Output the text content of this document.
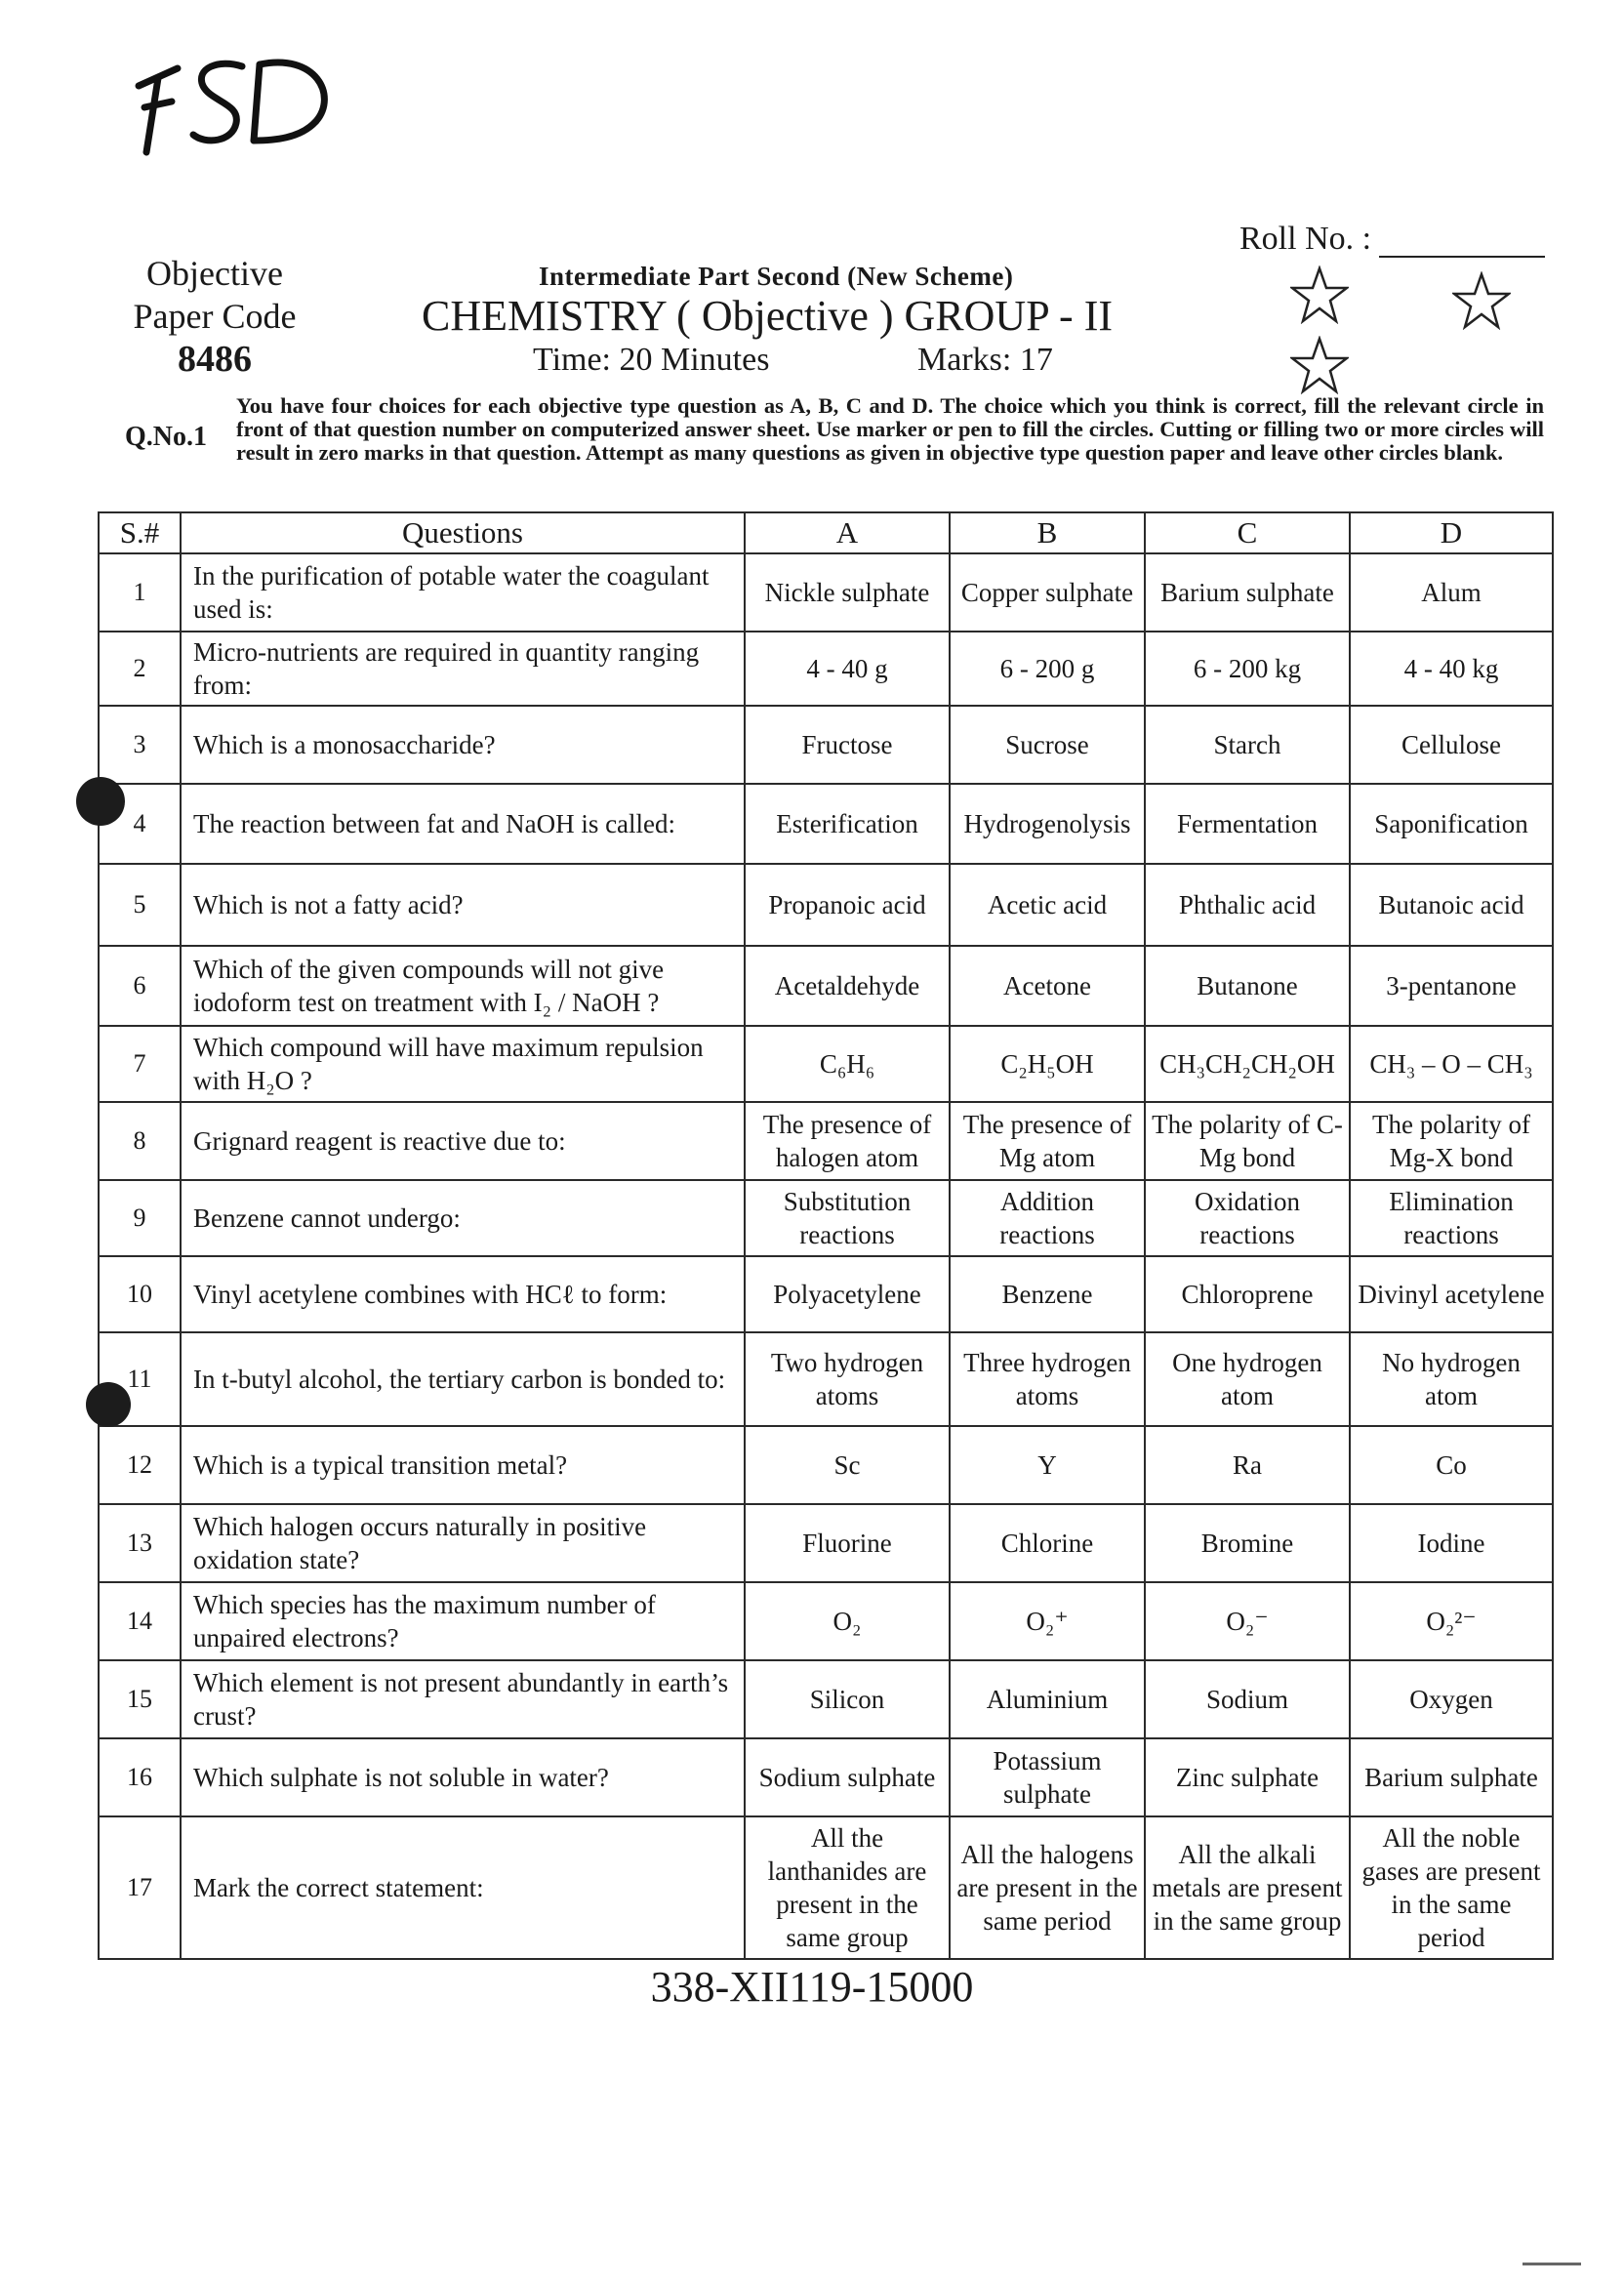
Roll No. :
Objective
Paper Code
8486
Intermediate Part Second (New Scheme)
CHEMISTRY ( Objective ) GROUP - II
Time: 20 Minutes	Marks: 17
Q.No.1
You have four choices for each objective type question as A, B, C and D. The choice which you think is correct, fill the relevant circle in front of that question number on computerized answer sheet. Use marker or pen to fill the circles. Cutting or filling two or more circles will result in zero marks in that question. Attempt as many questions as given in objective type question paper and leave other circles blank.
S.#	Questions	A	B	C	D
1	In the purification of potable water the coagulant used is:	Nickle sulphate	Copper sulphate	Barium sulphate	Alum
2	Micro-nutrients are required in quantity ranging from:	4 - 40 g	6 - 200 g	6 - 200 kg	4 - 40 kg
3	Which is a monosaccharide?	Fructose	Sucrose	Starch	Cellulose
4	The reaction between fat and NaOH is called:	Esterification	Hydrogenolysis	Fermentation	Saponification
5	Which is not a fatty acid?	Propanoic acid	Acetic acid	Phthalic acid	Butanoic acid
6	Which of the given compounds will not give iodoform test on treatment with I₂ / NaOH ?	Acetaldehyde	Acetone	Butanone	3-pentanone
7	Which compound will have maximum repulsion with H₂O ?	C₆H₆	C₂H₅OH	CH₃CH₂CH₂OH	CH₃ – O – CH₃
8	Grignard reagent is reactive due to:	The presence of halogen atom	The presence of Mg atom	The polarity of C-Mg bond	The polarity of Mg-X bond
9	Benzene cannot undergo:	Substitution reactions	Addition reactions	Oxidation reactions	Elimination reactions
10	Vinyl acetylene combines with HCℓ to form:	Polyacetylene	Benzene	Chloroprene	Divinyl acetylene
11	In t-butyl alcohol, the tertiary carbon is bonded to:	Two hydrogen atoms	Three hydrogen atoms	One hydrogen atom	No hydrogen atom
12	Which is a typical transition metal?	Sc	Y	Ra	Co
13	Which halogen occurs naturally in positive oxidation state?	Fluorine	Chlorine	Bromine	Iodine
14	Which species has the maximum number of unpaired electrons?	O₂	O₂⁺	O₂⁻	O₂²⁻
15	Which element is not present abundantly in earth’s crust?	Silicon	Aluminium	Sodium	Oxygen
16	Which sulphate is not soluble in water?	Sodium sulphate	Potassium sulphate	Zinc sulphate	Barium sulphate
17	Mark the correct statement:	All the lanthanides are present in the same group	All the halogens are present in the same period	All the alkali metals are present in the same group	All the noble gases are present in the same period
338-XII119-15000
